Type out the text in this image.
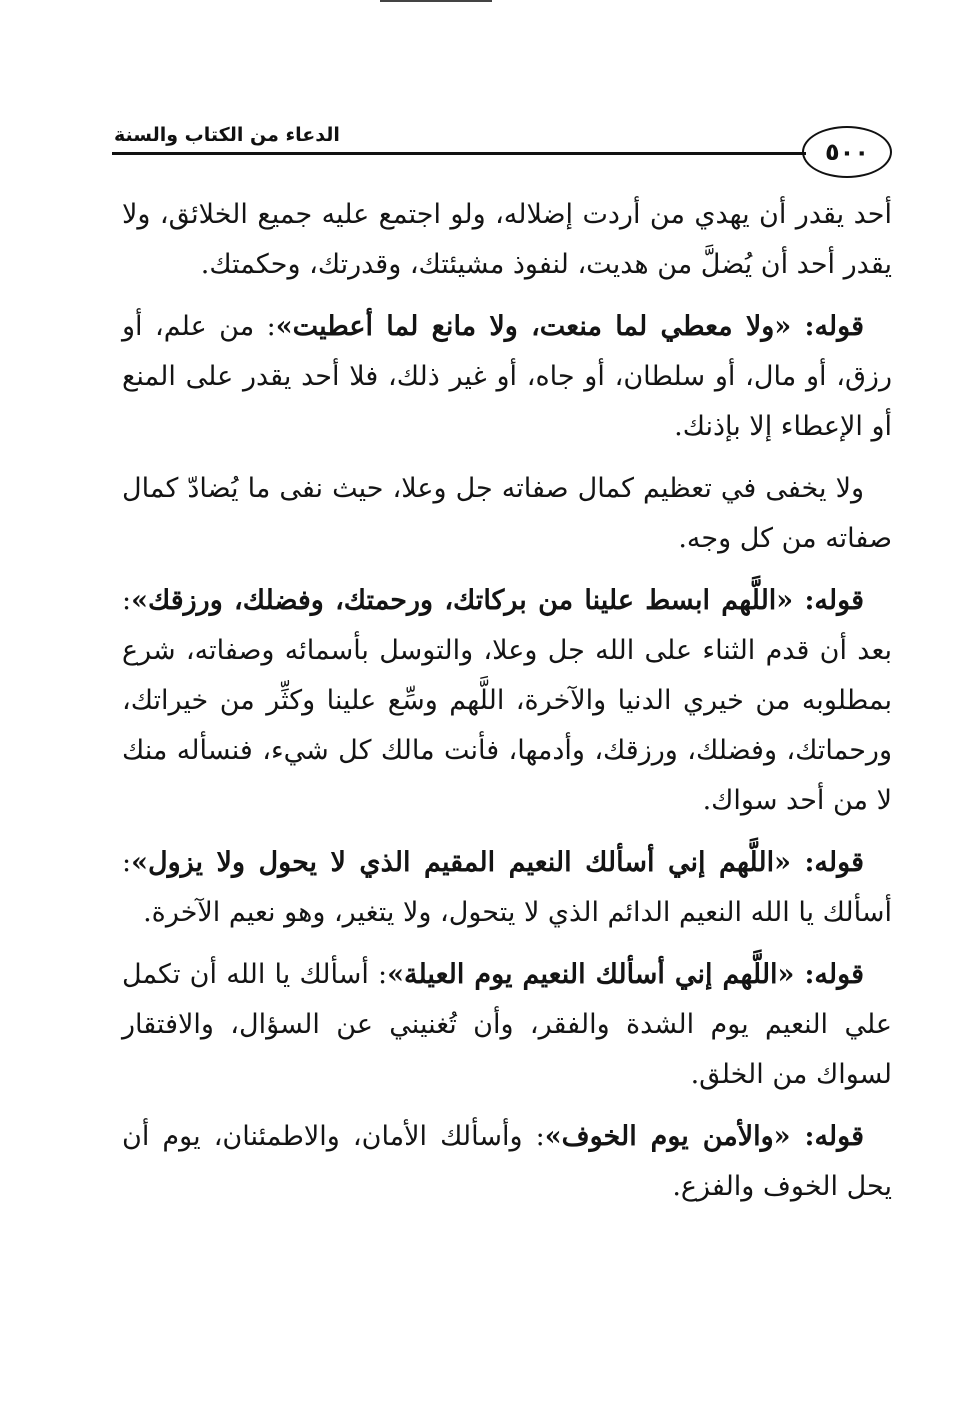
الدعاء من الكتاب والسنة
٥٠٠

أحد يقدر أن يهدي من أردت إضلاله، ولو اجتمع عليه جميع الخلائق، ولا يقدر أحد أن يُضلَّ من هديت، لنفوذ مشيئتك، وقدرتك، وحكمتك.

قوله: «ولا معطي لما منعت، ولا مانع لما أعطيت»: من علم، أو رزق، أو مال، أو سلطان، أو جاه، أو غير ذلك، فلا أحد يقدر على المنع أو الإعطاء إلا بإذنك.

ولا يخفى في تعظيم كمال صفاته جل وعلا، حيث نفى ما يُضادّ كمال صفاته من كل وجه.

قوله: «اللَّهم ابسط علينا من بركاتك، ورحمتك، وفضلك، ورزقك»: بعد أن قدم الثناء على الله جل وعلا، والتوسل بأسمائه وصفاته، شرع بمطلوبه من خيري الدنيا والآخرة، اللَّهم وسِّع علينا وكثِّر من خيراتك، ورحماتك، وفضلك، ورزقك، وأدمها، فأنت مالك كل شيء، فنسأله منك لا من أحد سواك.

قوله: «اللَّهم إني أسألك النعيم المقيم الذي لا يحول ولا يزول»: أسألك يا الله النعيم الدائم الذي لا يتحول، ولا يتغير، وهو نعيم الآخرة.

قوله: «اللَّهم إني أسألك النعيم يوم العيلة»: أسألك يا الله أن تكمل علي النعيم يوم الشدة والفقر، وأن تُغنيني عن السؤال، والافتقار لسواك من الخلق.

قوله: «والأمن يوم الخوف»: وأسألك الأمان، والاطمئنان، يوم أن يحل الخوف والفزع.
